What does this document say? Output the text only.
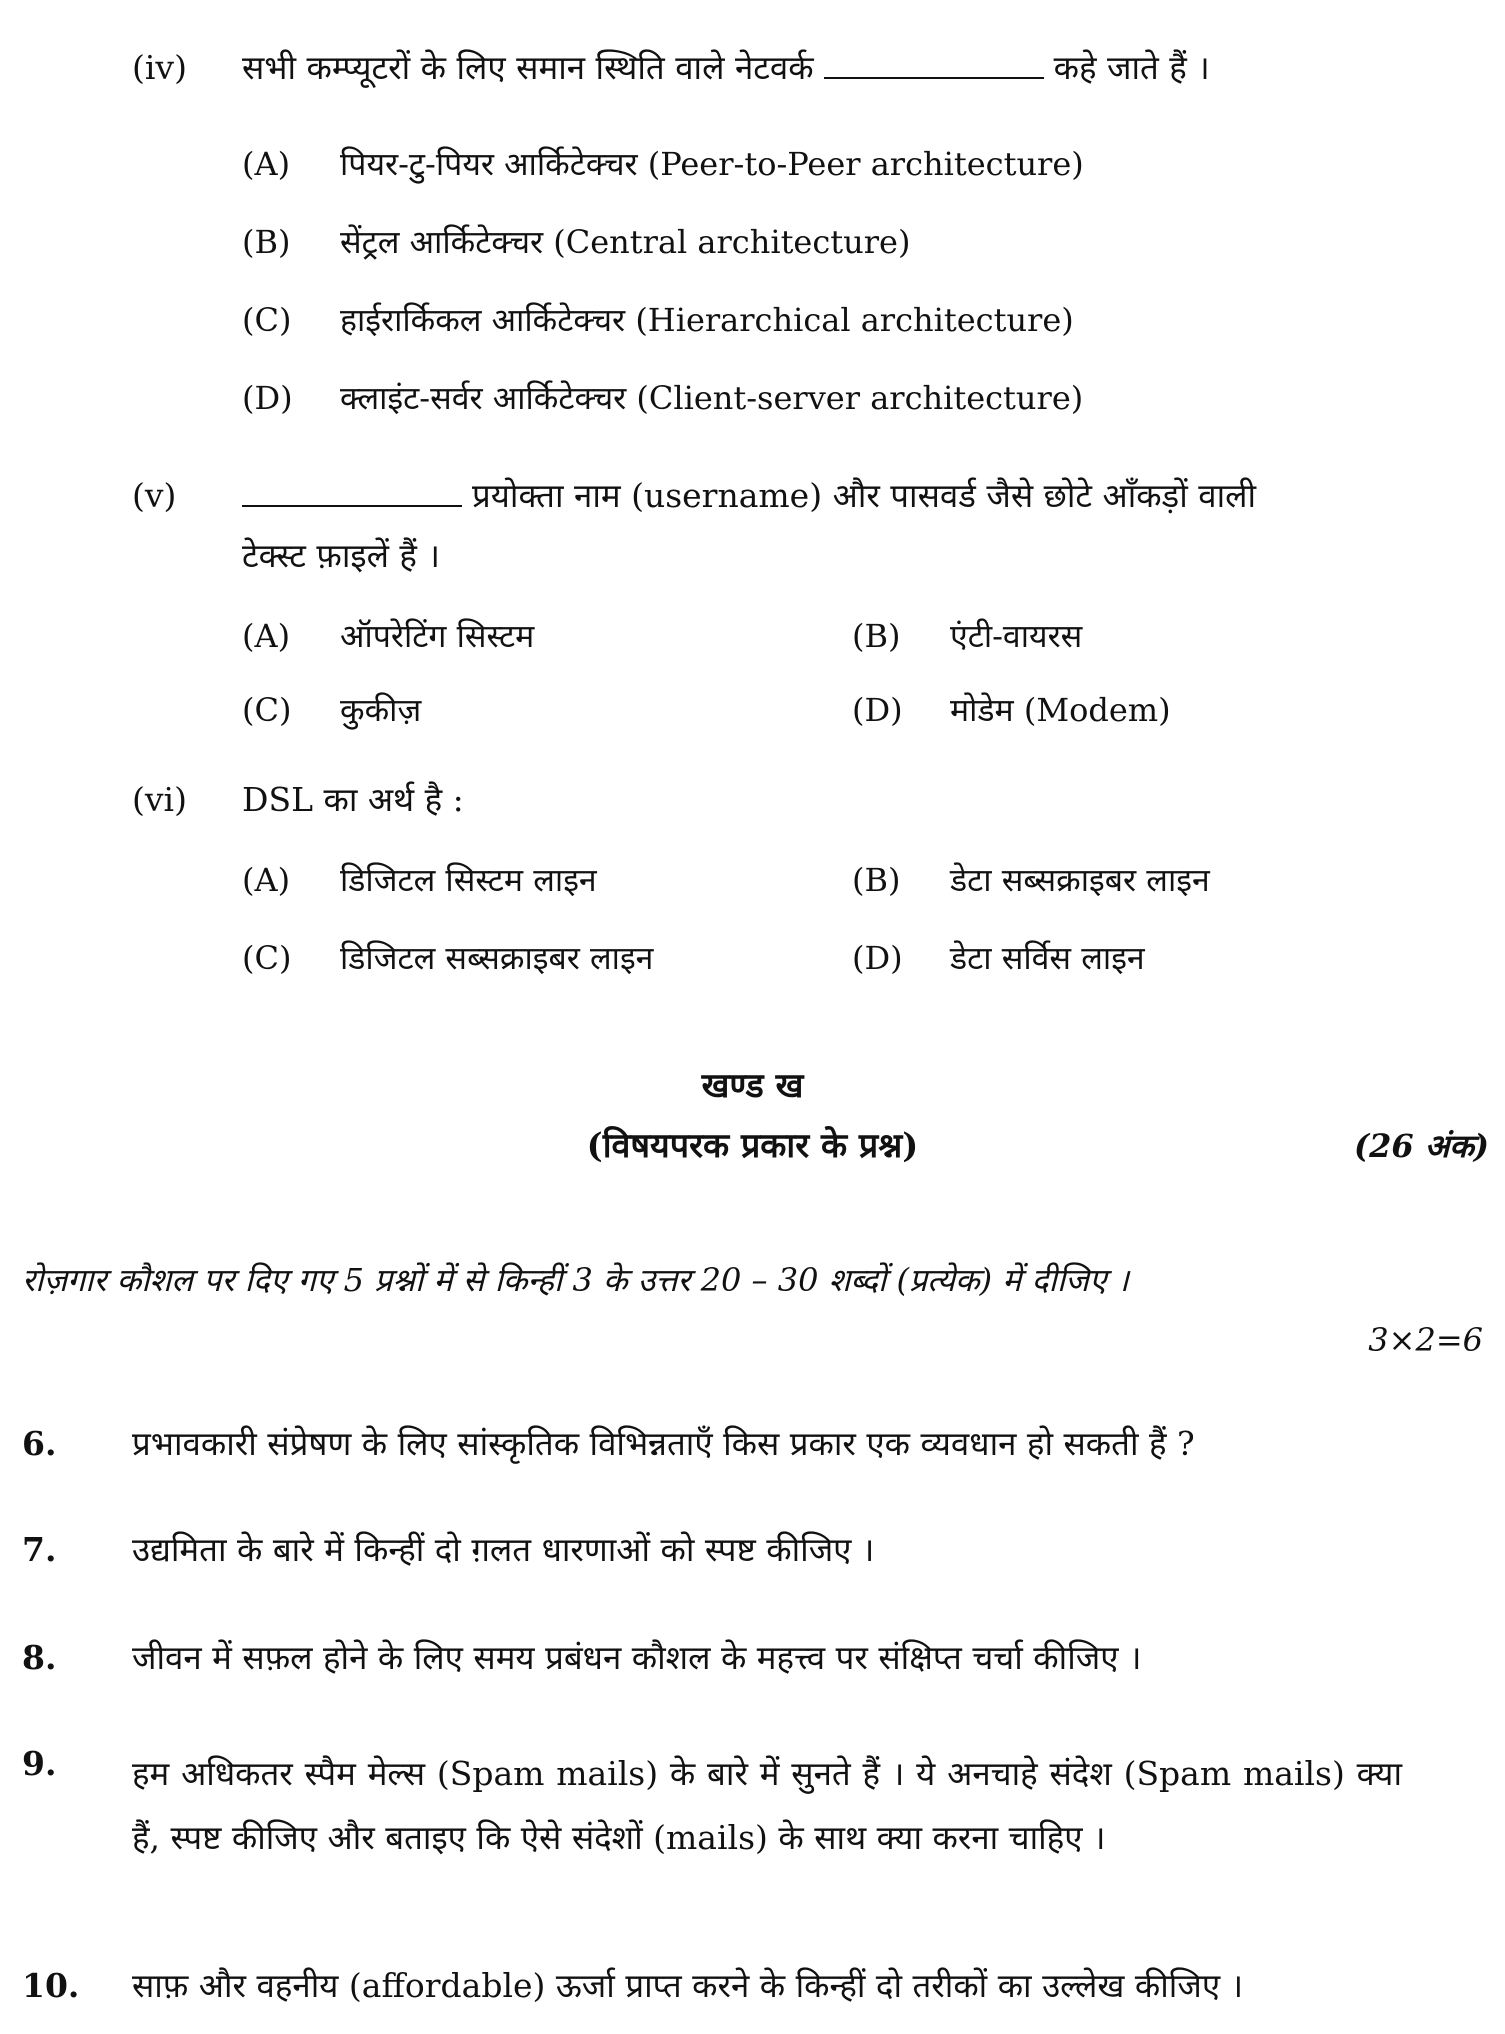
(iv) सभी कम्प्यूटरों के लिए समान स्थिति वाले नेटवर्क	कहे जाते हैं ।
(A) पियर-टु-पियर आर्किटेक्चर (Peer-to-Peer architecture)
(B) सेंट्रल आर्किटेक्चर (Central architecture)
(C) हाईरार्किकल आर्किटेक्चर (Hierarchical architecture)
(D) क्लाइंट-सर्वर आर्किटेक्चर (Client-server architecture)
(v)	प्रयोक्ता नाम (username) और पासवर्ड जैसे छोटे आँकड़ों वाली
टेक्स्ट फ़ाइलें हैं ।
(A) ऑपरेटिंग सिस्टम	(B) एंटी-वायरस
(C) कुकीज़	(D) मोडेम (Modem)
(vi) DSL का अर्थ है :
(A) डिजिटल सिस्टम लाइन	(B) डेटा सब्सक्राइबर लाइन
(C) डिजिटल सब्सक्राइबर लाइन	(D) डेटा सर्विस लाइन
खण्ड ख
(विषयपरक प्रकार के प्रश्न)	(26 अंक)
रोज़गार कौशल पर दिए गए 5 प्रश्नों में से किन्हीं 3 के उत्तर 20 – 30 शब्दों (प्रत्येक) में दीजिए ।
3×2=6
6. प्रभावकारी संप्रेषण के लिए सांस्कृतिक विभिन्नताएँ किस प्रकार एक व्यवधान हो सकती हैं ?
7. उद्यमिता के बारे में किन्हीं दो ग़लत धारणाओं को स्पष्ट कीजिए ।
8. जीवन में सफ़ल होने के लिए समय प्रबंधन कौशल के महत्त्व पर संक्षिप्त चर्चा कीजिए ।
9. हम अधिकतर स्पैम मेल्स (Spam mails) के बारे में सुनते हैं । ये अनचाहे संदेश (Spam mails) क्या हैं, स्पष्ट कीजिए और बताइए कि ऐसे संदेशों (mails) के साथ क्या करना चाहिए ।
10. साफ़ और वहनीय (affordable) ऊर्जा प्राप्त करने के किन्हीं दो तरीकों का उल्लेख कीजिए ।
